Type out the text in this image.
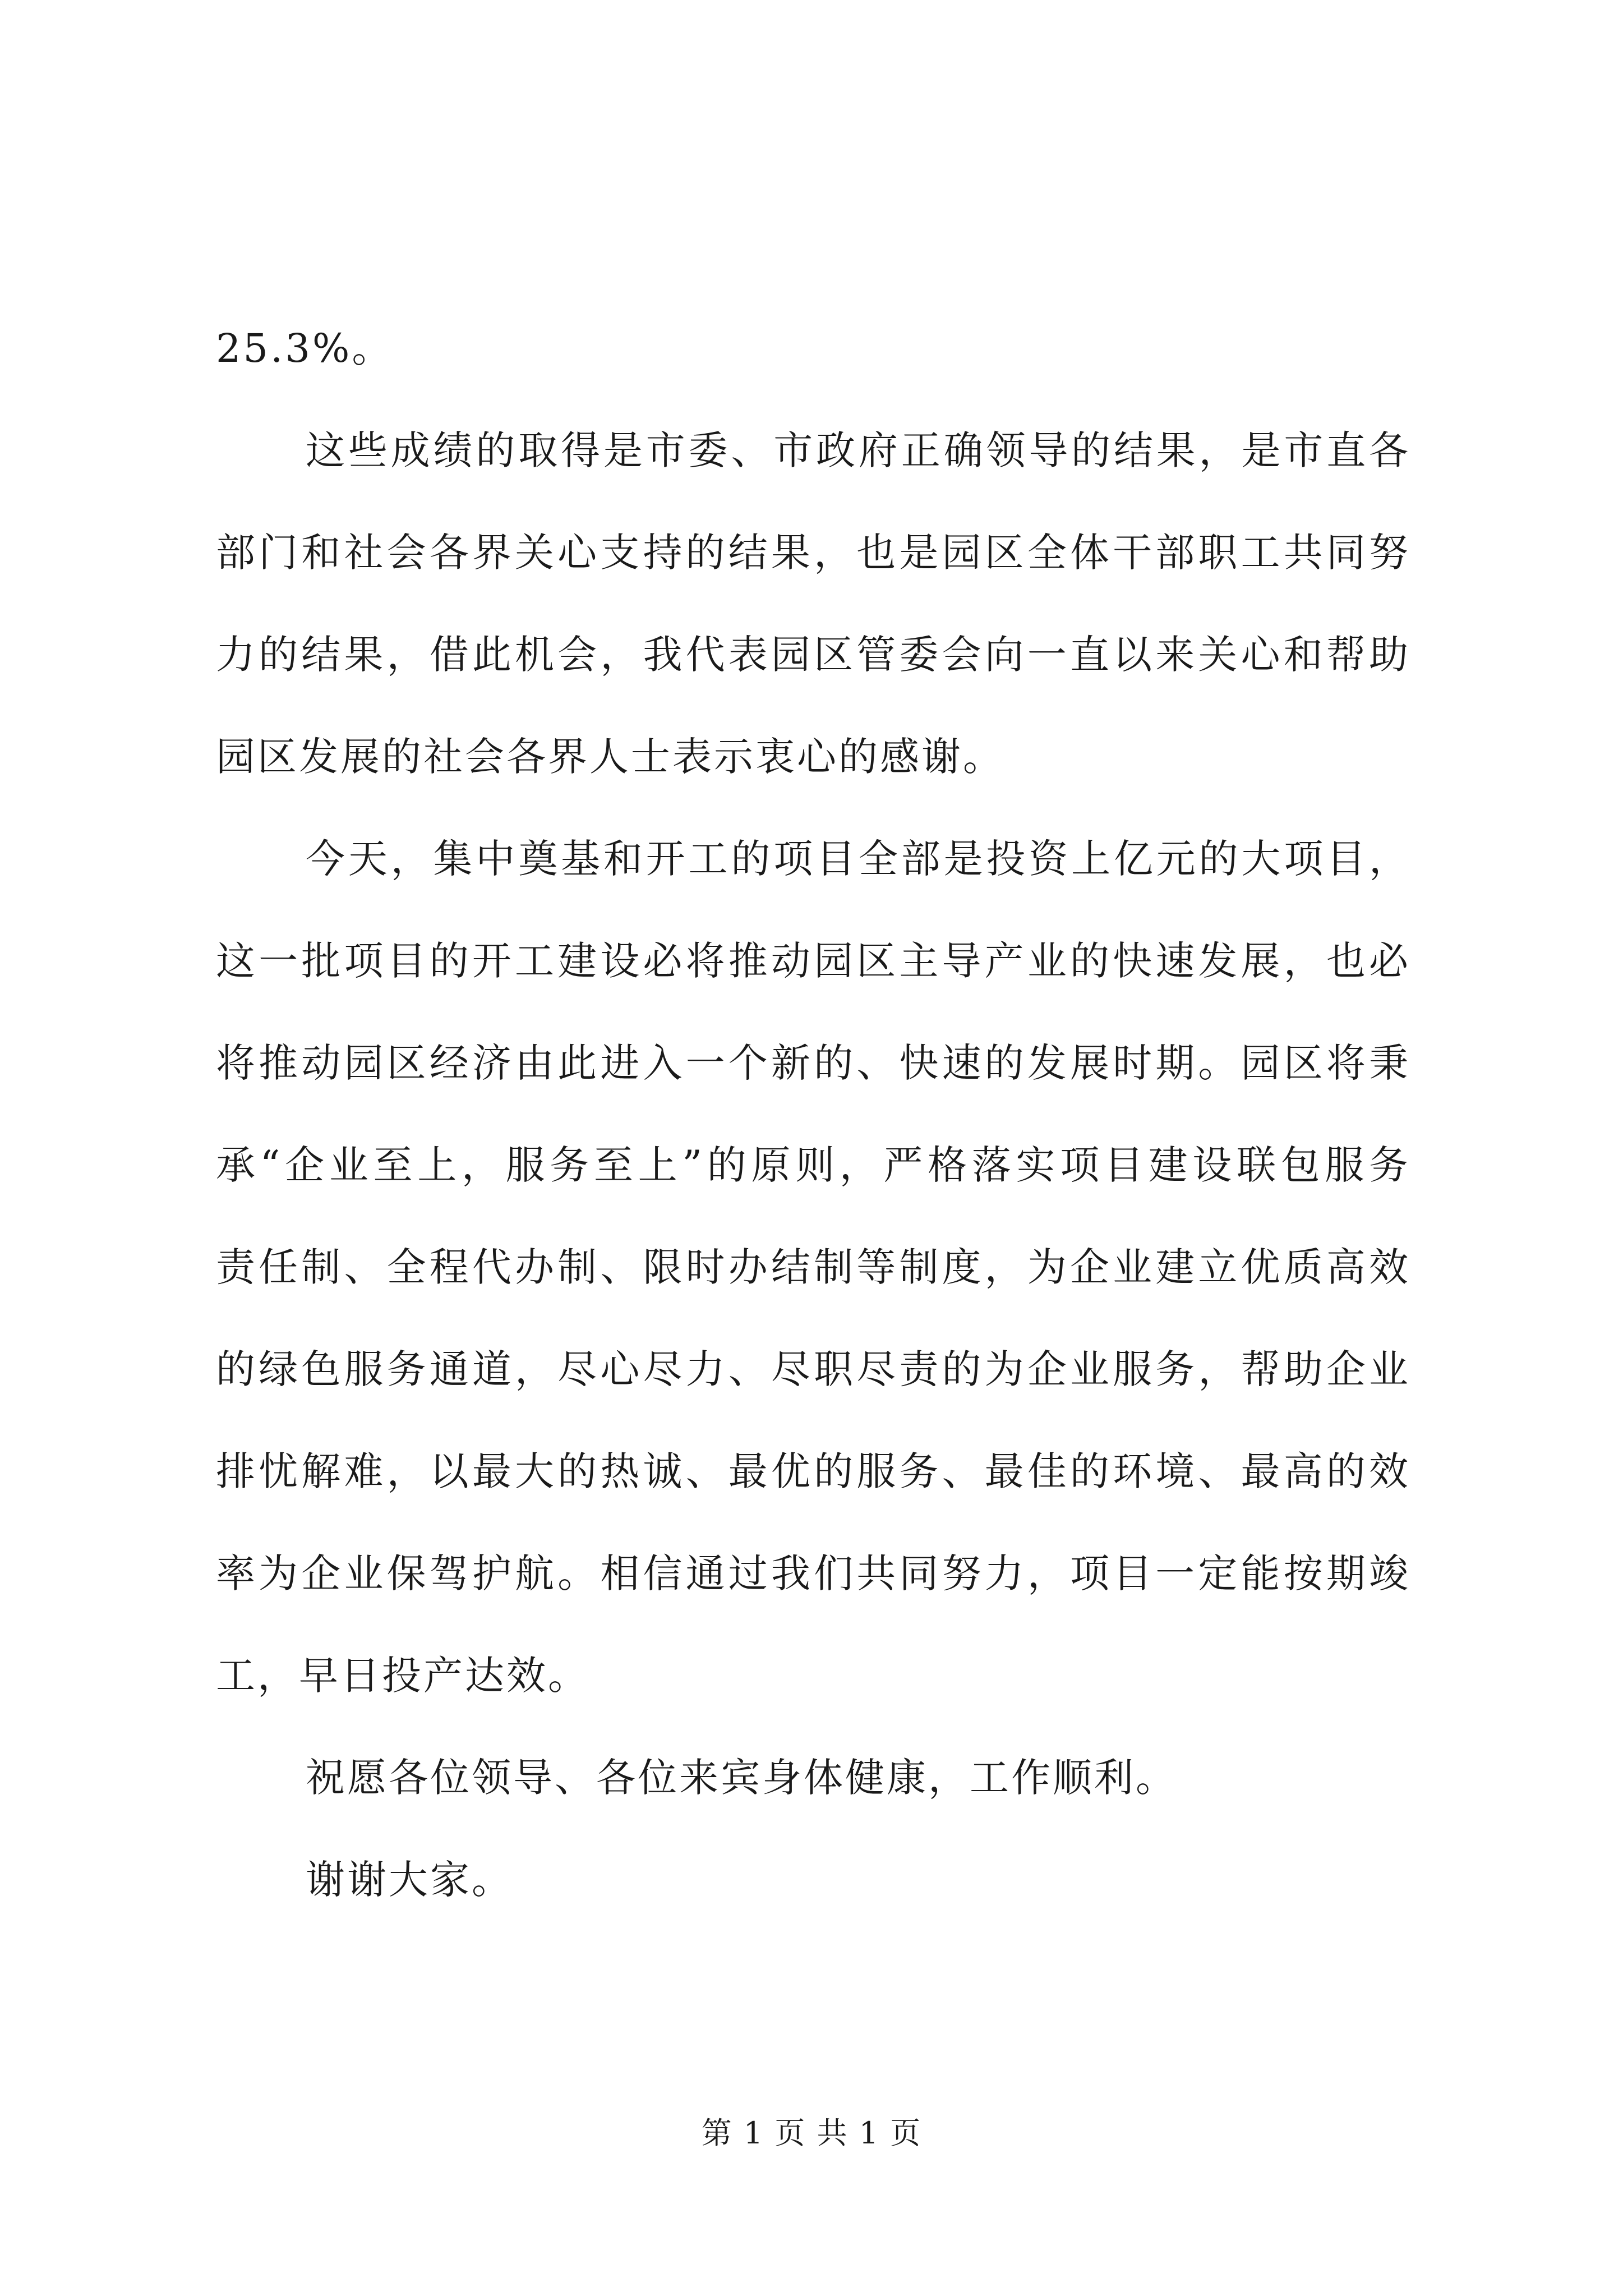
25.3%。
这些成绩的取得是市委、市政府正确领导的结果，是市直各
部门和社会各界关心支持的结果，也是园区全体干部职工共同努
力的结果，借此机会，我代表园区管委会向一直以来关心和帮助
园区发展的社会各界人士表示衷心的感谢。
今天，集中奠基和开工的项目全部是投资上亿元的大项目，
这一批项目的开工建设必将推动园区主导产业的快速发展，也必
将推动园区经济由此进入一个新的、快速的发展时期。园区将秉
承“企业至上，服务至上”的原则，严格落实项目建设联包服务
责任制、全程代办制、限时办结制等制度，为企业建立优质高效
的绿色服务通道，尽心尽力、尽职尽责的为企业服务，帮助企业
排忧解难，以最大的热诚、最优的服务、最佳的环境、最高的效
率为企业保驾护航。相信通过我们共同努力，项目一定能按期竣
工，早日投产达效。
祝愿各位领导、各位来宾身体健康，工作顺利。
谢谢大家。
第 1 页 共 1 页
